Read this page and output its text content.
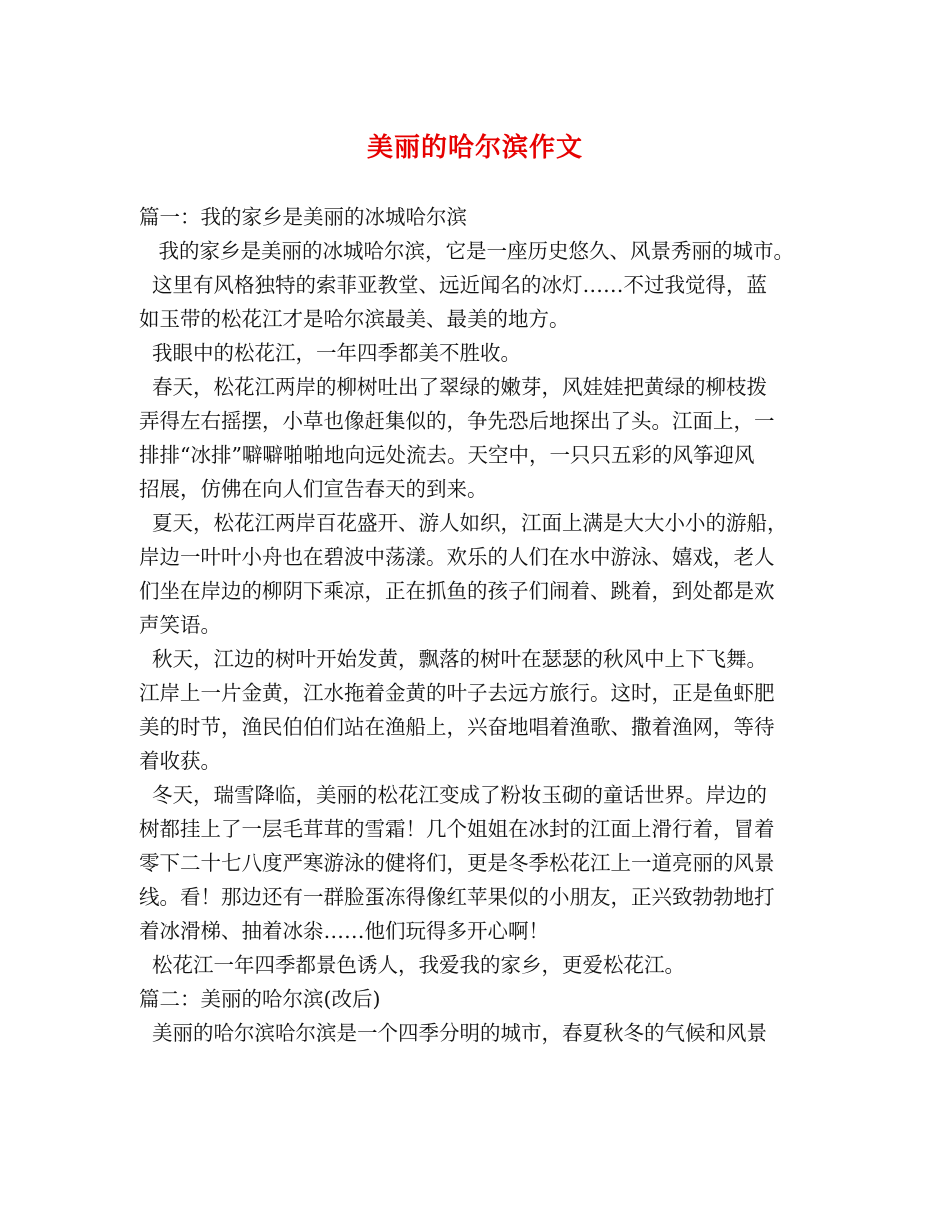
美丽的哈尔滨作文
篇一：我的家乡是美丽的冰城哈尔滨
我的家乡是美丽的冰城哈尔滨，它是一座历史悠久、风景秀丽的城市。
这里有风格独特的索菲亚教堂、远近闻名的冰灯……不过我觉得，蓝
如玉带的松花江才是哈尔滨最美、最美的地方。
我眼中的松花江，一年四季都美不胜收。
春天，松花江两岸的柳树吐出了翠绿的嫩芽，风娃娃把黄绿的柳枝拨
弄得左右摇摆，小草也像赶集似的，争先恐后地探出了头。江面上，一
排排“冰排”噼噼啪啪地向远处流去。天空中，一只只五彩的风筝迎风
招展，仿佛在向人们宣告春天的到来。
夏天，松花江两岸百花盛开、游人如织，江面上满是大大小小的游船，
岸边一叶叶小舟也在碧波中荡漾。欢乐的人们在水中游泳、嬉戏，老人
们坐在岸边的柳阴下乘凉，正在抓鱼的孩子们闹着、跳着，到处都是欢
声笑语。
秋天，江边的树叶开始发黄，飘落的树叶在瑟瑟的秋风中上下飞舞。
江岸上一片金黄，江水拖着金黄的叶子去远方旅行。这时，正是鱼虾肥
美的时节，渔民伯伯们站在渔船上，兴奋地唱着渔歌、撒着渔网，等待
着收获。
冬天，瑞雪降临，美丽的松花江变成了粉妆玉砌的童话世界。岸边的
树都挂上了一层毛茸茸的雪霜！几个姐姐在冰封的江面上滑行着，冒着
零下二十七八度严寒游泳的健将们，更是冬季松花江上一道亮丽的风景
线。看！那边还有一群脸蛋冻得像红苹果似的小朋友，正兴致勃勃地打
着冰滑梯、抽着冰尜……他们玩得多开心啊！
松花江一年四季都景色诱人，我爱我的家乡，更爱松花江。
篇二：美丽的哈尔滨(改后)
美丽的哈尔滨哈尔滨是一个四季分明的城市，春夏秋冬的气候和风景
